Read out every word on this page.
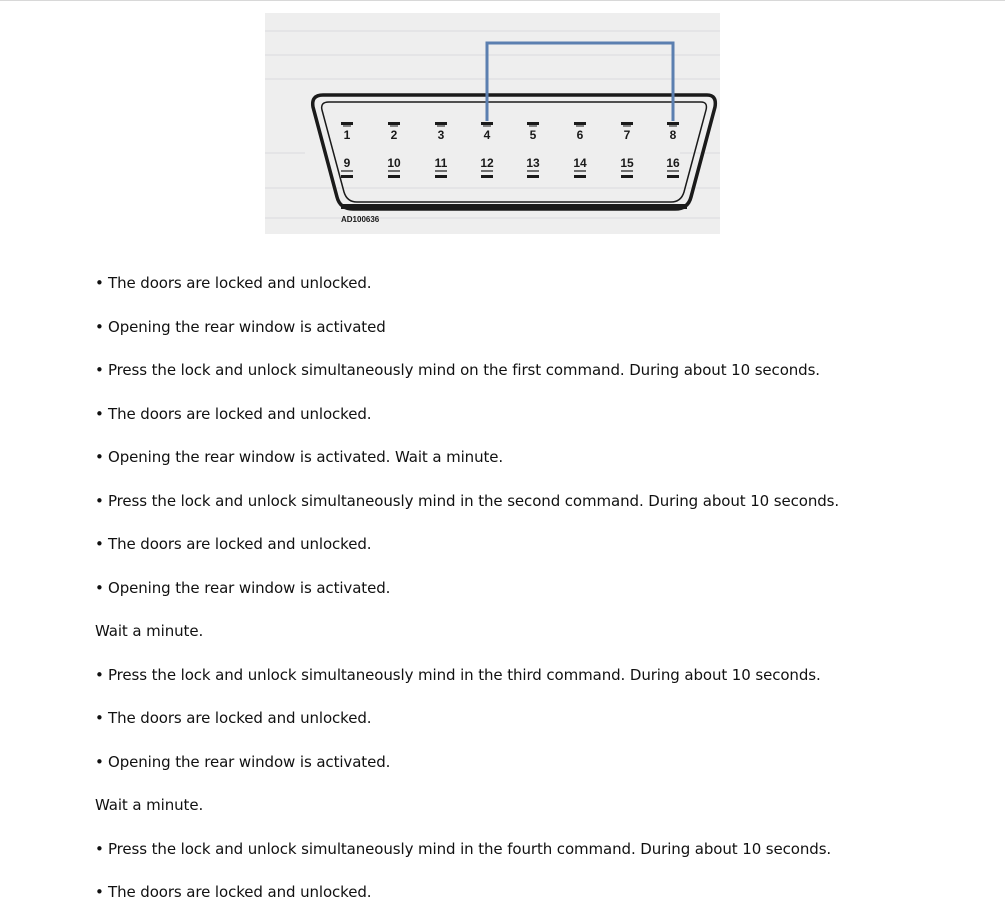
1	2	3	4	5	6	7	8
9	10	11	12	13	14	15	16
AD100636
• The doors are locked and unlocked.
• Opening the rear window is activated
• Press the lock and unlock simultaneously mind on the first command. During about 10 seconds.
• The doors are locked and unlocked.
• Opening the rear window is activated. Wait a minute.
• Press the lock and unlock simultaneously mind in the second command. During about 10 seconds.
• The doors are locked and unlocked.
• Opening the rear window is activated.
Wait a minute.
• Press the lock and unlock simultaneously mind in the third command. During about 10 seconds.
• The doors are locked and unlocked.
• Opening the rear window is activated.
Wait a minute.
• Press the lock and unlock simultaneously mind in the fourth command. During about 10 seconds.
• The doors are locked and unlocked.
